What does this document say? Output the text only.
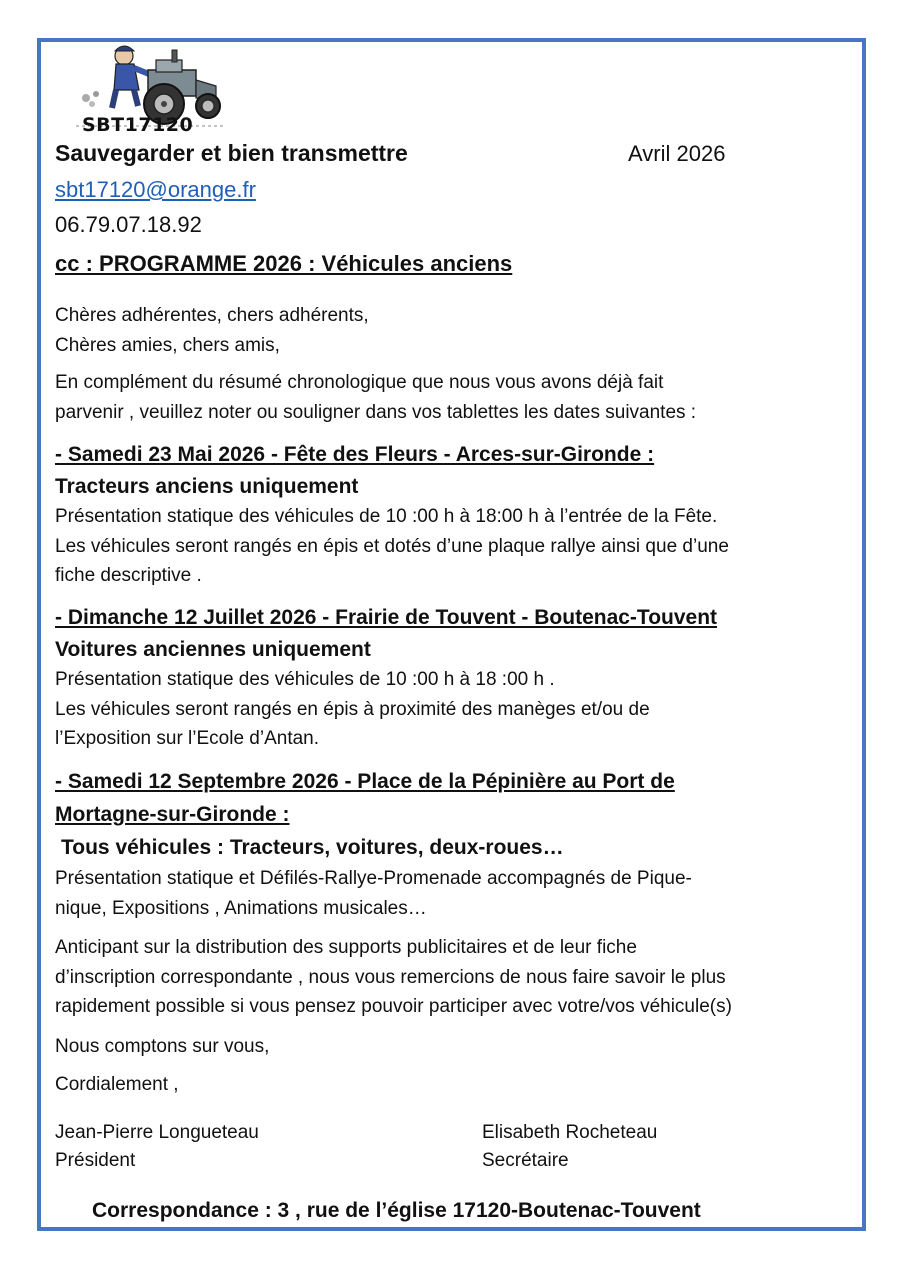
SBT17120
Sauvegarder et bien transmettre	Avril 2026
sbt17120@orange.fr
06.79.07.18.92
cc : PROGRAMME 2026 : Véhicules anciens
Chères adhérentes, chers adhérents,
Chères amies, chers amis,
En complément du résumé chronologique que nous vous avons déjà fait
parvenir , veuillez noter ou souligner dans vos tablettes les dates suivantes :
- Samedi 23 Mai 2026 - Fête des Fleurs - Arces-sur-Gironde :
Tracteurs anciens uniquement
Présentation statique des véhicules de 10 :00 h à 18:00 h à l’entrée de la Fête.
Les véhicules seront rangés en épis et dotés d’une plaque rallye ainsi que d’une
fiche descriptive .
- Dimanche 12 Juillet 2026 - Frairie de Touvent - Boutenac-Touvent
Voitures anciennes uniquement
Présentation statique des véhicules de 10 :00 h à 18 :00 h .
Les véhicules seront rangés en épis à proximité des manèges et/ou de
l’Exposition sur l’Ecole d’Antan.
- Samedi 12 Septembre 2026 - Place de la Pépinière au Port de
Mortagne-sur-Gironde :
Tous véhicules : Tracteurs, voitures, deux-roues…
Présentation statique et Défilés-Rallye-Promenade accompagnés de Pique-
nique, Expositions , Animations musicales…
Anticipant sur la distribution des supports publicitaires et de leur fiche
d’inscription correspondante , nous vous remercions de nous faire savoir le plus
rapidement possible si vous pensez pouvoir participer avec votre/vos véhicule(s)
Nous comptons sur vous,
Cordialement ,
Jean-Pierre Longueteau
Président
Elisabeth Rocheteau
Secrétaire
Correspondance : 3 , rue de l’église 17120-Boutenac-Touvent
